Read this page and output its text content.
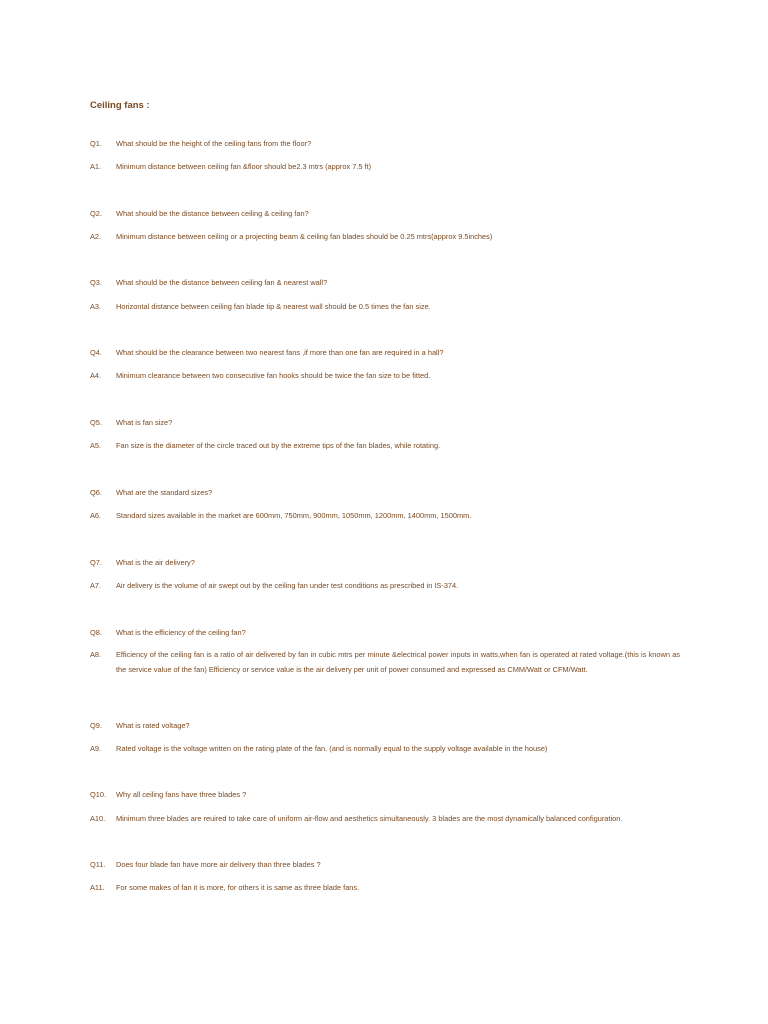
Ceiling fans :
Q1.	What should be the height of the ceiling fans from the floor?
A1.	Minimum distance between ceiling fan &floor should be2.3 mtrs (approx 7.5 ft)
Q2.	What should be the distance between ceiling & ceiling fan?
A2.	Minimum distance between ceiling or a projecting beam & ceiling fan blades should be 0.25 mtrs(approx 9.5inches)
Q3.	What should be the distance between ceiling fan & nearest wall?
A3.	Horizontal distance between ceiling fan blade tip & nearest wall should be 0.5 times the fan size.
Q4.	What should be the clearance between two nearest fans ,if more than one fan are required in a hall?
A4.	Minimum clearance between two consecutive fan hooks should be twice the fan size to be fitted.
Q5.	What is fan size?
A5.	Fan size is the diameter of the circle traced out by the extreme tips of the fan blades, while rotating.
Q6.	What are the standard sizes?
A6.	Standard sizes available in the market are 600mm, 750mm, 900mm, 1050mm, 1200mm, 1400mm, 1500mm.
Q7.	What is the air delivery?
A7.	Air delivery is the volume of air swept out by the ceiling fan under test conditions as prescribed in IS-374.
Q8.	What is the efficiency of the ceiling fan?
A8.	Efficiency of the ceiling fan is a ratio of air delivered by fan in cubic mtrs per minute &electrical power inputs in watts,when fan is operated at rated voltage.(this is known as the service value of the fan) Efficiency or service value is the air delivery per unit of power consumed and expressed as CMM/Watt or CFM/Watt.
Q9.	What is rated voltage?
A9.	Rated voltage is the voltage written on the rating plate of the fan. (and is normally equal to the supply voltage available in the house)
Q10.	Why all ceiling fans have three blades ?
A10.	Minimum three blades are reuired to take care of uniform air-flow and aesthetics simultaneously. 3 blades are the most dynamically balanced configuration.
Q11.	Does four blade fan have more air delivery than three blades ?
A11.	For some makes of fan it is more, for others it is same as three blade fans.
